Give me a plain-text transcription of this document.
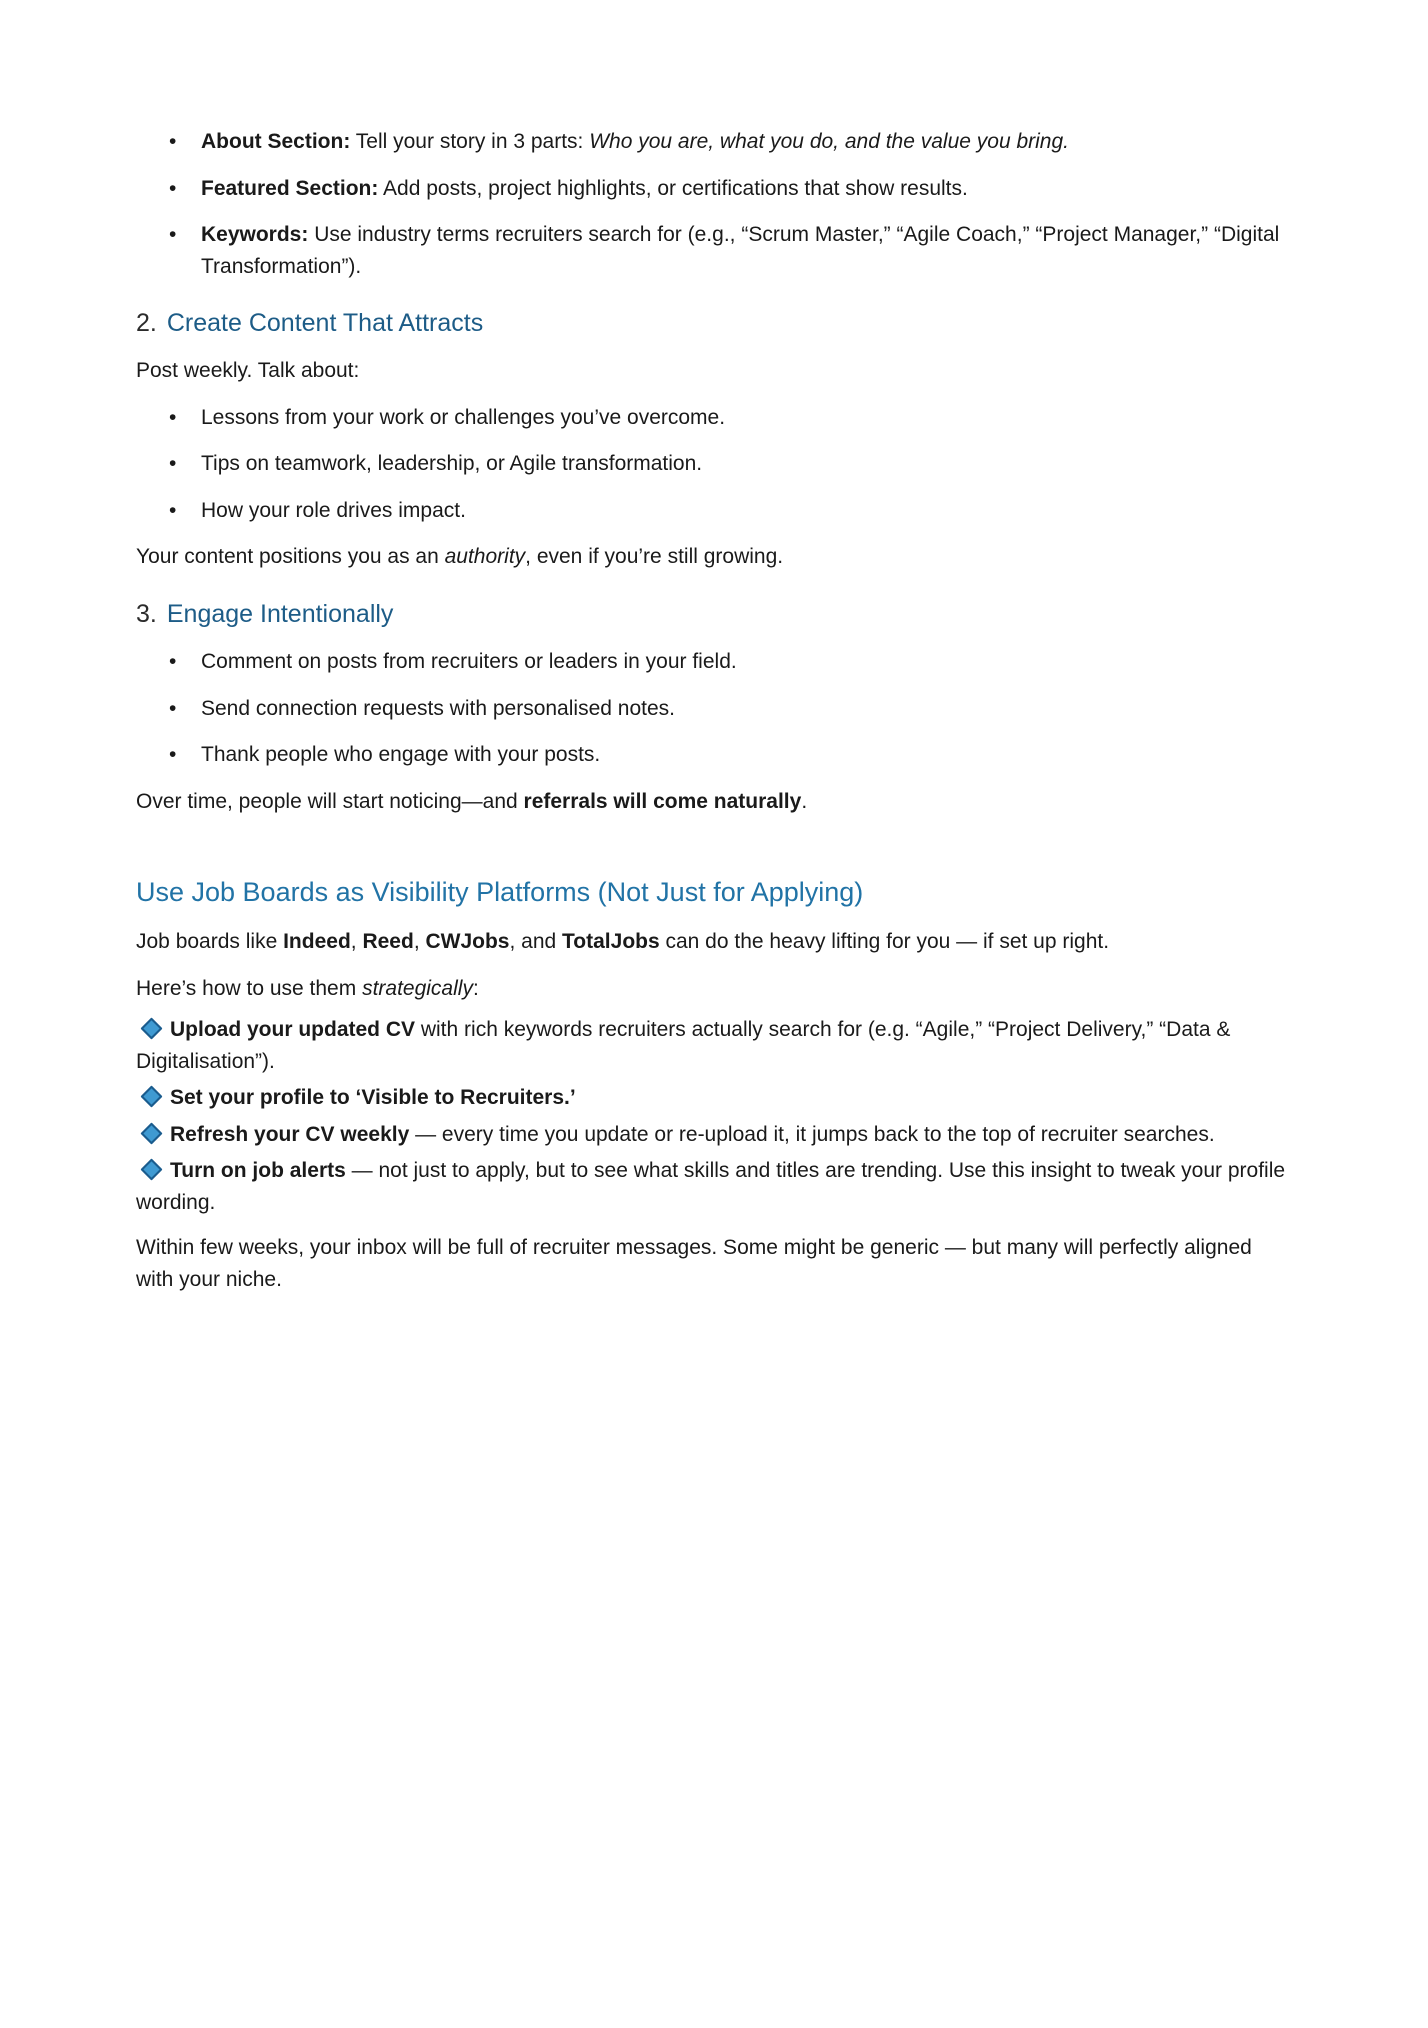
• About Section: Tell your story in 3 parts: Who you are, what you do, and the value you bring.
• Featured Section: Add posts, project highlights, or certifications that show results.
• Keywords: Use industry terms recruiters search for (e.g., “Scrum Master,” “Agile Coach,” “Project Manager,” “Digital Transformation”).
2. Create Content That Attracts

Post weekly. Talk about:

• Lessons from your work or challenges you’ve overcome.
• Tips on teamwork, leadership, or Agile transformation.
• How your role drives impact.

Your content positions you as an authority, even if you’re still growing.

3. Engage Intentionally
• Comment on posts from recruiters or leaders in your field.
• Send connection requests with personalised notes.
• Thank people who engage with your posts.

Over time, people will start noticing—and referrals will come naturally.

Use Job Boards as Visibility Platforms (Not Just for Applying)

Job boards like Indeed, Reed, CWJobs, and TotalJobs can do the heavy lifting for you — if set up right.

Here’s how to use them strategically:

Upload your updated CV with rich keywords recruiters actually search for (e.g. “Agile,” “Project Delivery,” “Data & Digitalisation”).

Set your profile to ‘Visible to Recruiters.’

Refresh your CV weekly — every time you update or re-upload it, it jumps back to the top of recruiter searches.

Turn on job alerts — not just to apply, but to see what skills and titles are trending. Use this insight to tweak your profile wording.

Within few weeks, your inbox will be full of recruiter messages. Some might be generic — but many will perfectly aligned with your niche.
